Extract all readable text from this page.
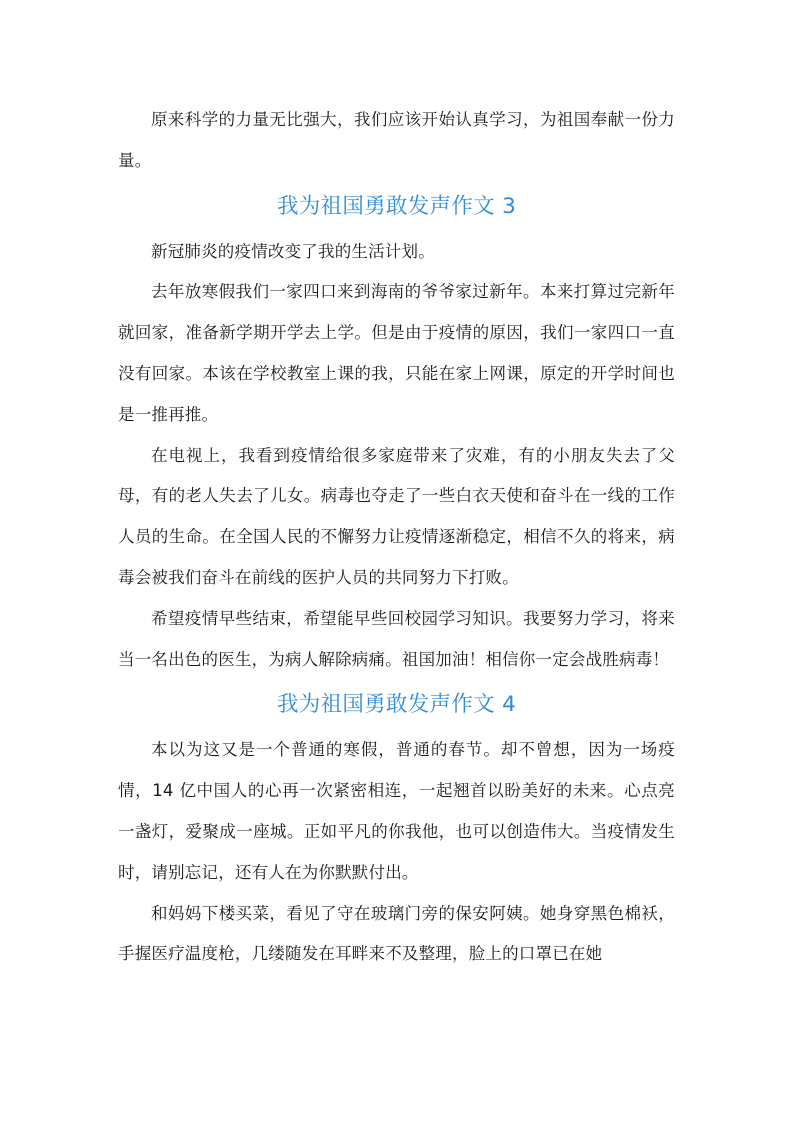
原来科学的力量无比强大，我们应该开始认真学习，为祖国奉献一份力量。

我为祖国勇敢发声作文 3

新冠肺炎的疫情改变了我的生活计划。

去年放寒假我们一家四口来到海南的爷爷家过新年。本来打算过完新年就回家，准备新学期开学去上学。但是由于疫情的原因，我们一家四口一直没有回家。本该在学校教室上课的我，只能在家上网课，原定的开学时间也是一推再推。

在电视上，我看到疫情给很多家庭带来了灾难，有的小朋友失去了父母，有的老人失去了儿女。病毒也夺走了一些白衣天使和奋斗在一线的工作人员的生命。在全国人民的不懈努力让疫情逐渐稳定，相信不久的将来，病毒会被我们奋斗在前线的医护人员的共同努力下打败。

希望疫情早些结束，希望能早些回校园学习知识。我要努力学习，将来当一名出色的医生，为病人解除病痛。祖国加油！相信你一定会战胜病毒！

我为祖国勇敢发声作文 4

本以为这又是一个普通的寒假，普通的春节。却不曾想，因为一场疫情，14 亿中国人的心再一次紧密相连，一起翘首以盼美好的未来。心点亮一盏灯，爱聚成一座城。正如平凡的你我他，也可以创造伟大。当疫情发生时，请别忘记，还有人在为你默默付出。

和妈妈下楼买菜，看见了守在玻璃门旁的保安阿姨。她身穿黑色棉袄，手握医疗温度枪，几缕随发在耳畔来不及整理，脸上的口罩已在她
